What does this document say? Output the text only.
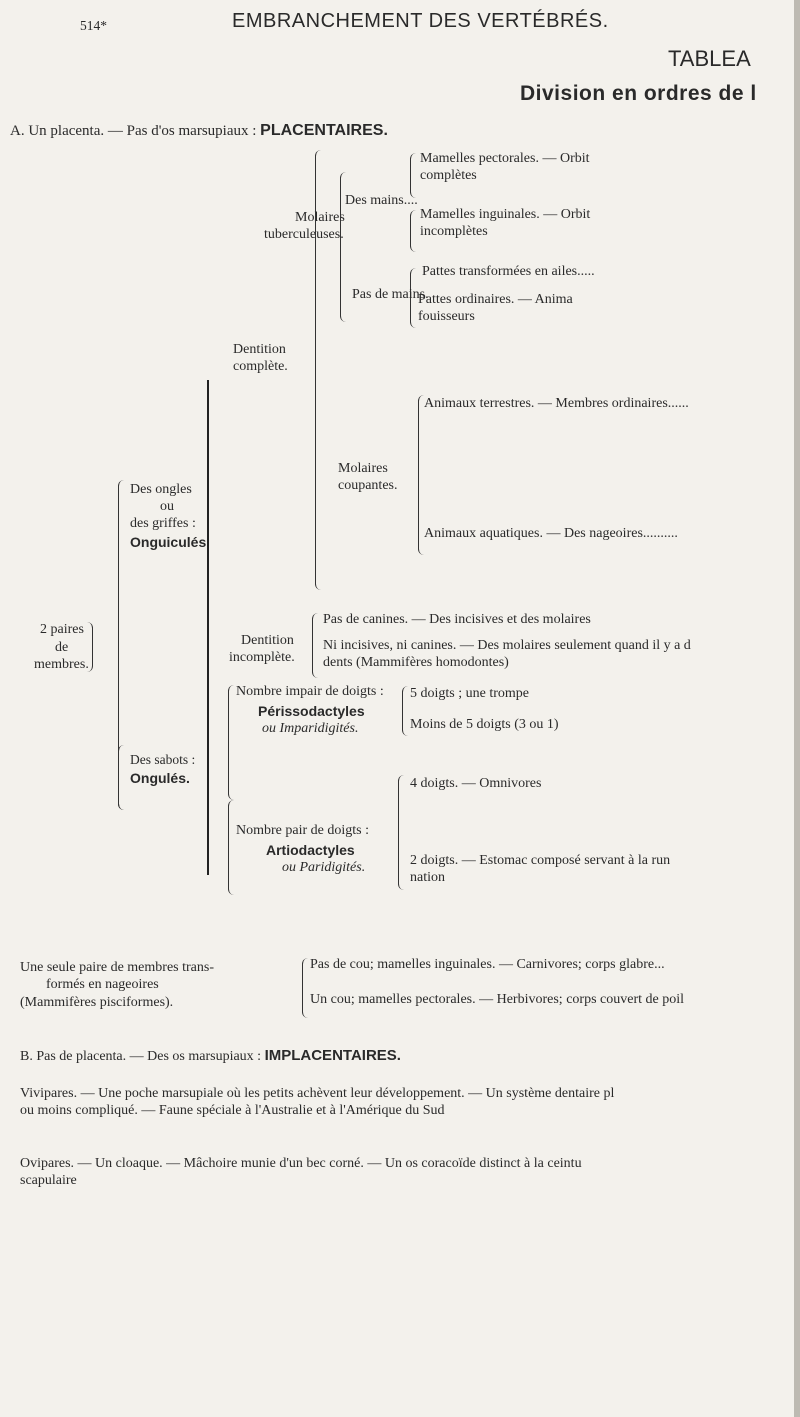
514*	EMBRANCHEMENT DES VERTÉBRÉS.
TABLEA
Division en ordres de l
A. Un placenta. — Pas d'os marsupiaux : PLACENTAIRES.
Mamelles pectorales. — Orbit
complètes
Des mains....
Mamelles inguinales. — Orbit
incomplètes
Molaires
tuberculeuses.
Pattes transformées en ailes.....
Pas de mains.
Pattes ordinaires. — Anima
fouisseurs
Dentition
complète.
Animaux terrestres. — Membres ordinaires......
Molaires
coupantes.
Animaux aquatiques. — Des nageoires..........
Des ongles
ou
des griffes :
Onguiculés
2 paires
de
membres.
Dentition
incomplète.
Pas de canines. — Des incisives et des molaires
Ni incisives, ni canines. — Des molaires seulement quand il y a d
dents (Mammifères homodontes)
Nombre impair de doigts :
Périssodactyles
ou Imparidigités.
5 doigts ; une trompe
Moins de 5 doigts (3 ou 1)
Des sabots :
Ongulés.
Nombre pair de doigts :
Artiodactyles
ou Paridigités.
4 doigts. — Omnivores
2 doigts. — Estomac composé servant à la run
nation
Une seule paire de membres trans-
formés en nageoires
(Mammifères pisciformes).
Pas de cou; mamelles inguinales. — Carnivores; corps glabre...
Un cou; mamelles pectorales. — Herbivores; corps couvert de poil
B. Pas de placenta. — Des os marsupiaux : IMPLACENTAIRES.
Vivipares. — Une poche marsupiale où les petits achèvent leur développement. — Un système dentaire pl
ou moins compliqué. — Faune spéciale à l'Australie et à l'Amérique du Sud
Ovipares. — Un cloaque. — Mâchoire munie d'un bec corné. — Un os coracoïde distinct à la ceintu
scapulaire
